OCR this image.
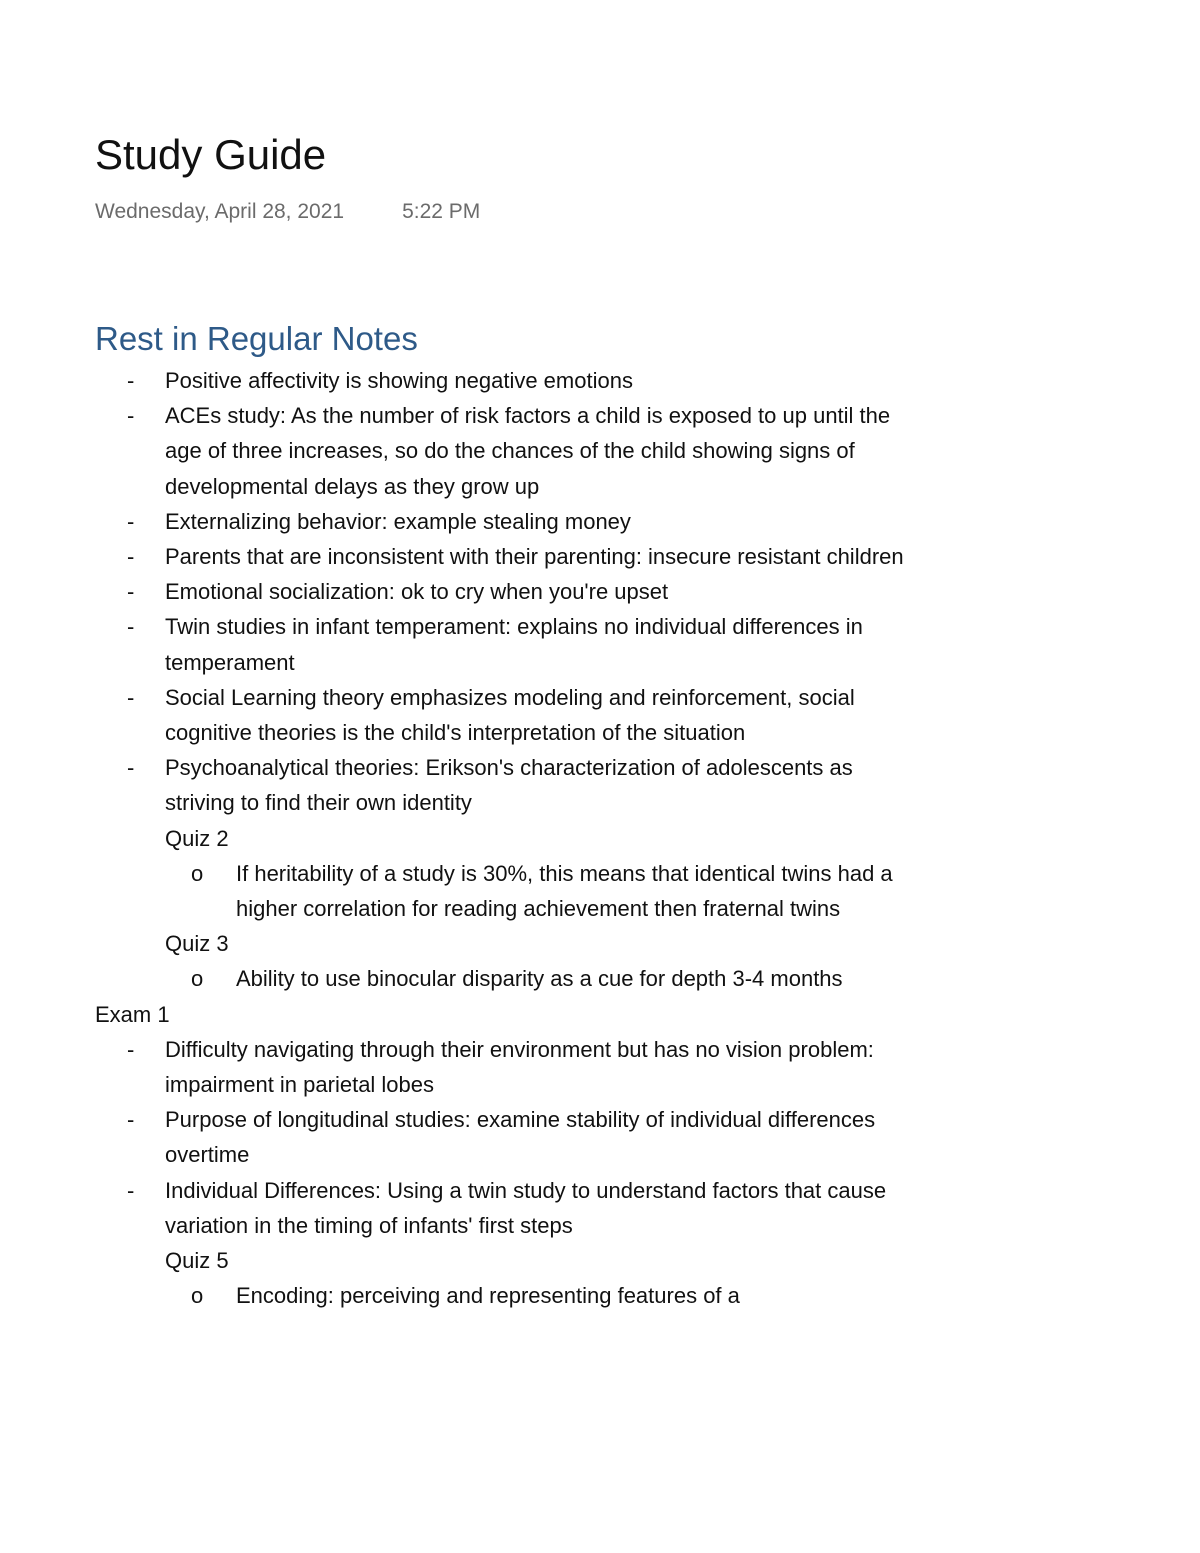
Study Guide
Wednesday, April 28, 2021	5:22 PM
Rest in Regular Notes
- Positive affectivity is showing negative emotions
- ACEs study: As the number of risk factors a child is exposed to up until the age of three increases, so do the chances of the child showing signs of developmental delays as they grow up
- Externalizing behavior: example stealing money
- Parents that are inconsistent with their parenting: insecure resistant children
- Emotional socialization: ok to cry when you're upset
- Twin studies in infant temperament: explains no individual differences in temperament
- Social Learning theory emphasizes modeling and reinforcement, social cognitive theories is the child's interpretation of the situation
- Psychoanalytical theories: Erikson's characterization of adolescents as striving to find their own identity
Quiz 2
o If heritability of a study is 30%, this means that identical twins had a higher correlation for reading achievement then fraternal twins
Quiz 3
o Ability to use binocular disparity as a cue for depth 3-4 months
Exam 1
- Difficulty navigating through their environment but has no vision problem: impairment in parietal lobes
- Purpose of longitudinal studies: examine stability of individual differences overtime
- Individual Differences: Using a twin study to understand factors that cause variation in the timing of infants' first steps
Quiz 5
o Encoding: perceiving and representing features of a
